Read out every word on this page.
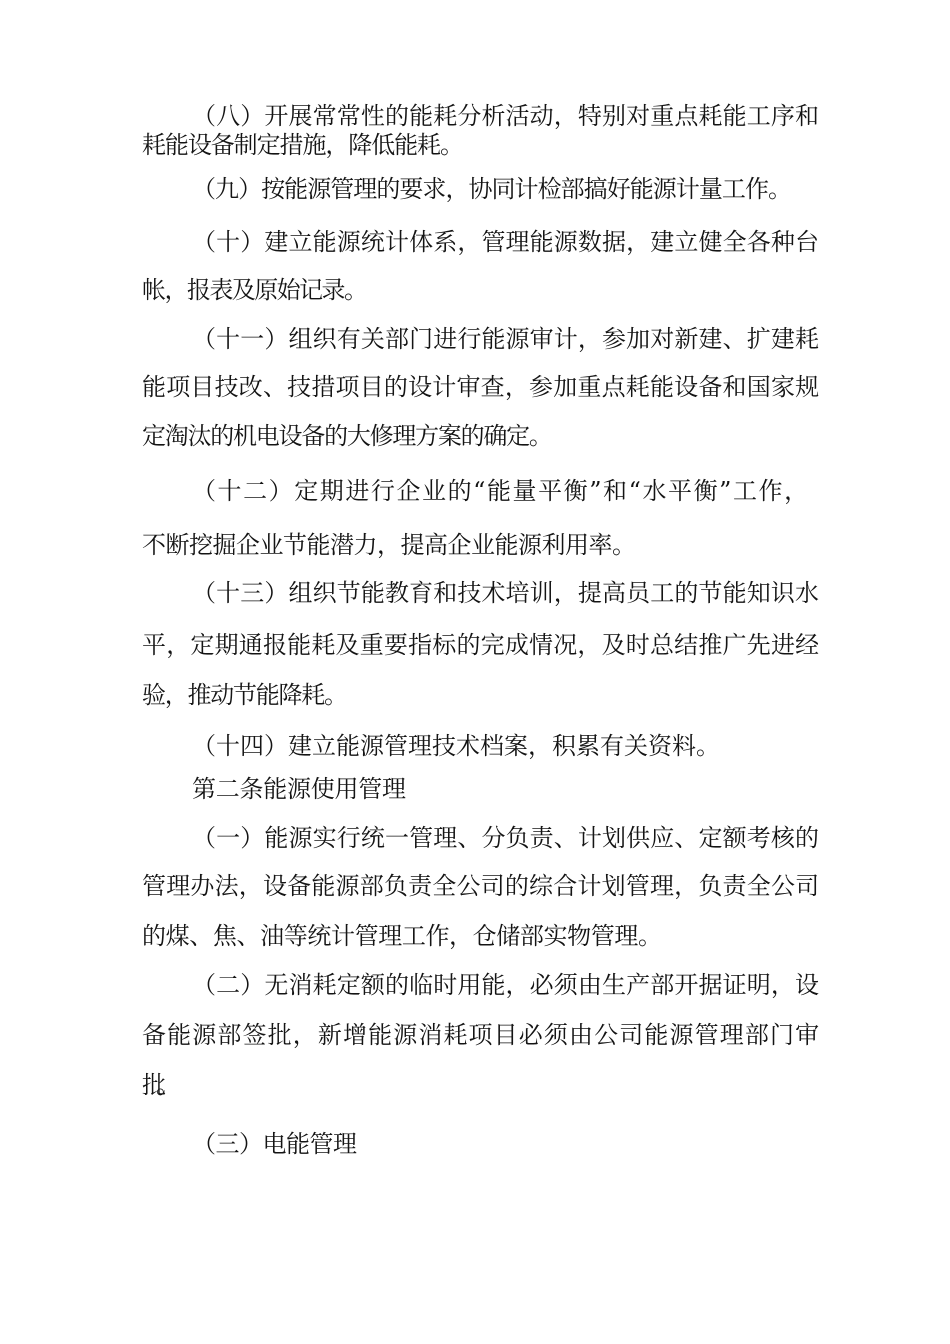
（八）开展常常性的能耗分析活动，特别对重点耗能工序和
耗能设备制定措施，降低能耗。
（九）按能源管理的要求，协同计检部搞好能源计量工作。
（十）建立能源统计体系，管理能源数据，建立健全各种台
帐，报表及原始记录。
（十一）组织有关部门进行能源审计，参加对新建、扩建耗
能项目技改、技措项目的设计审查，参加重点耗能设备和国家规
定淘汰的机电设备的大修理方案的确定。
（十二）定期进行企业的“能量平衡”和“水平衡”工作，
不断挖掘企业节能潜力，提高企业能源利用率。
（十三）组织节能教育和技术培训，提高员工的节能知识水
平，定期通报能耗及重要指标的完成情况，及时总结推广先进经
验，推动节能降耗。
（十四）建立能源管理技术档案，积累有关资料。
第二条能源使用管理
（一）能源实行统一管理、分负责、计划供应、定额考核的
管理办法，设备能源部负责全公司的综合计划管理，负责全公司
的煤、焦、油等统计管理工作，仓储部实物管理。
（二）无消耗定额的临时用能，必须由生产部开据证明，设
备能源部签批，新增能源消耗项目必须由公司能源管理部门审
批。
（三）电能管理
